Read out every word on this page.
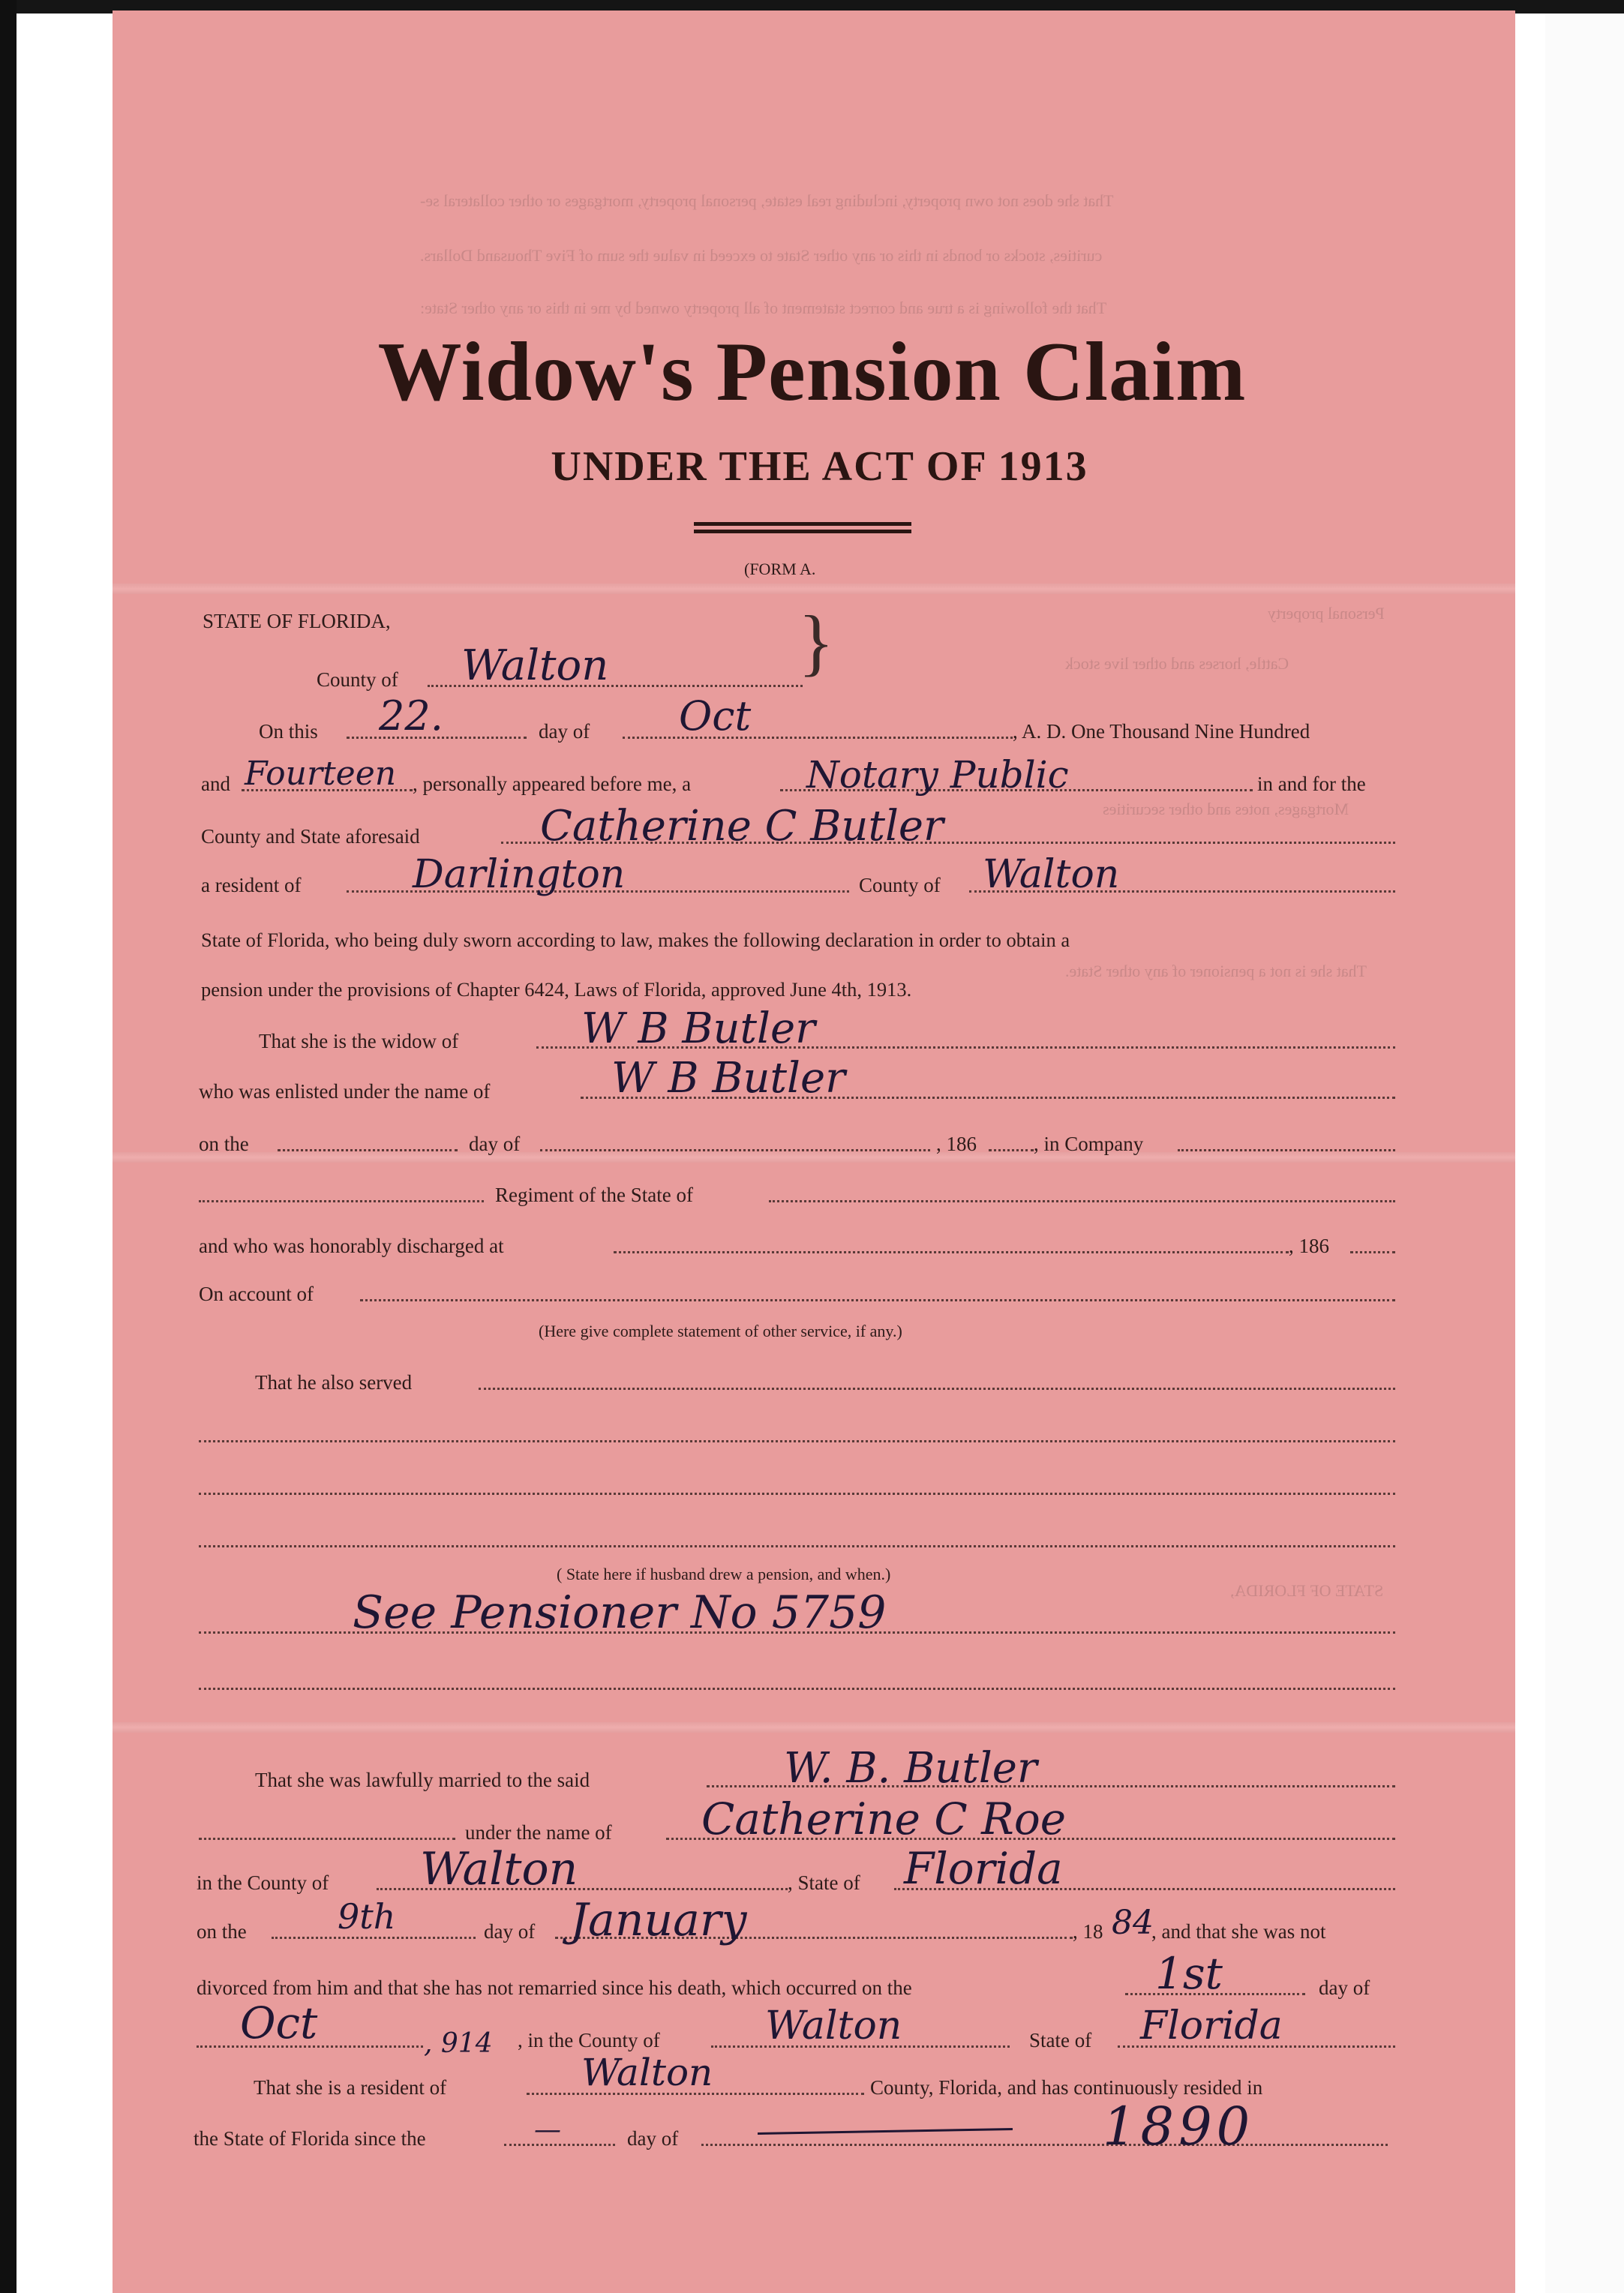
That she does not own property, including real estate, personal property, mortgages or other collateral se-
curities, stocks or bonds in this or any other State to exceed in value the sum of Five Thousand Dollars.
That the following is a true and correct statement of all property owned by me in this or any other State:
Personal property
Cattle, horses and other live stock
Mortgages, notes and other securities
That she is not a pensioner of any other State.
STATE OF FLORIDA,
Widow's Pension Claim
UNDER THE ACT OF 1913
(FORM A.
STATE OF FLORIDA,	}
County of Walton
On this 22.	day of Oct	, A. D. One Thousand Nine Hundred
and Fourteen , personally appeared before me, a	Notary Public	in and for the
County and State aforesaid	Catherine C Butler
a resident of	Darlington	County of Walton
State of Florida, who being duly sworn according to law, makes the following declaration in order to obtain a
pension under the provisions of Chapter 6424, Laws of Florida, approved June 4th, 1913.
That she is the widow of	W B Butler
who was enlisted under the name of	W B Butler
on the	day of	, 186	, in Company
Regiment of the State of
and who was honorably discharged at	, 186
On account of
(Here give complete statement of other service, if any.)
That he also served
( State here if husband drew a pension, and when.)
See Pensioner No 5759
That she was lawfully married to the said	W. B. Butler
under the name of Catherine C Roe
in the County of Walton	, State of Florida
on the	9th	day of January	, 18 84
, and that she was not
divorced from him and that she has not remarried since his death, which occurred on the	1st	day of
Oct	, 914 , in the County of	Walton	State of Florida
That she is a resident of	Walton	County, Florida, and has continuously resided in
the State of Florida since the	—	day of	1890
